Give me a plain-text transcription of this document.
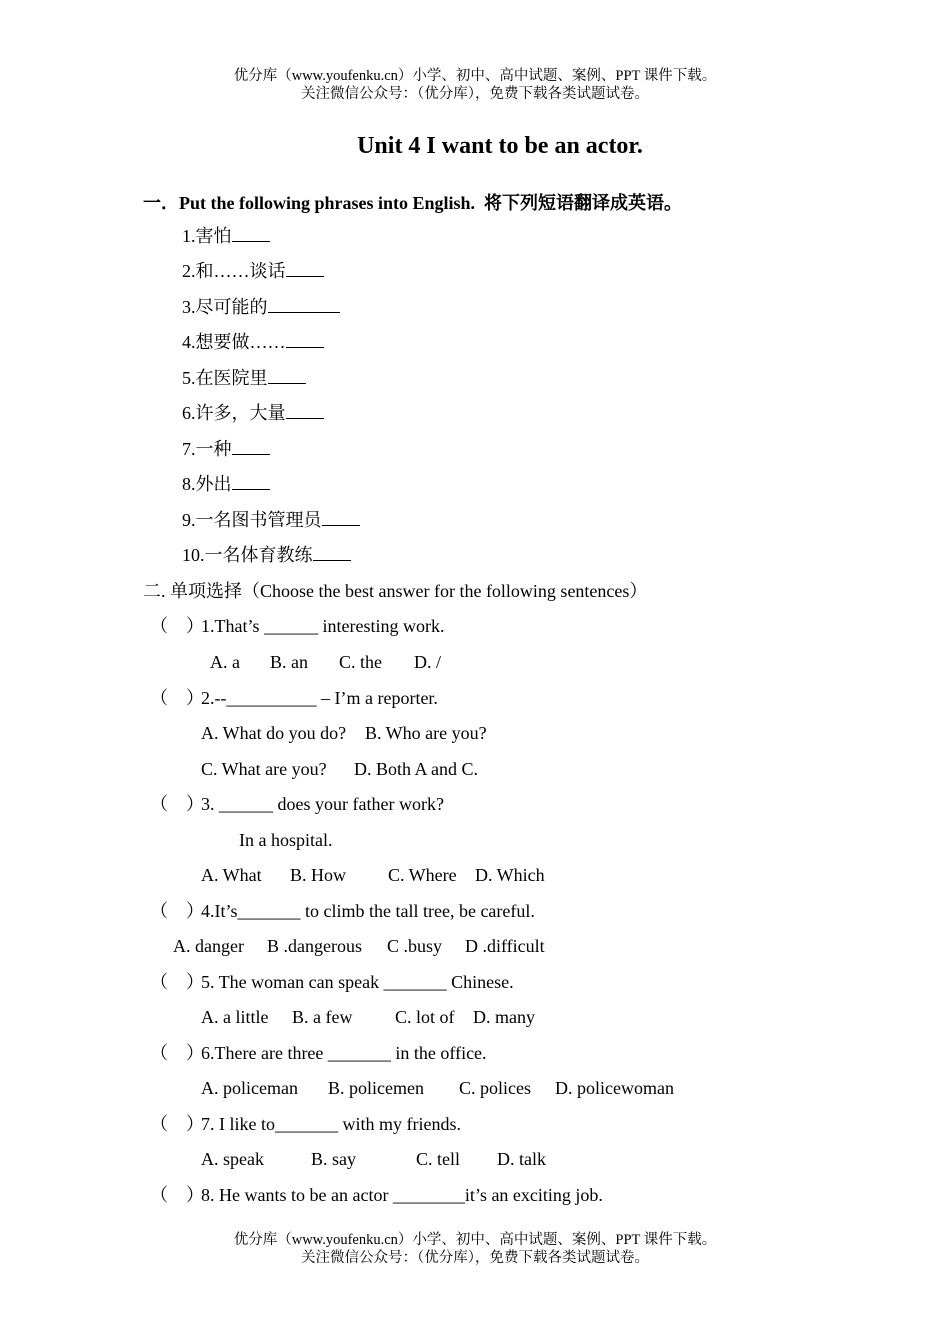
优分库（www.youfenku.cn）小学、初中、高中试题、案例、PPT 课件下载。
关注微信公众号：（优分库），免费下载各类试题试卷。
Unit 4 I want to be an actor.
一．Put the following phrases into English.  将下列短语翻译成英语。
1.害怕
2.和……谈话
3.尽可能的
4.想要做……
5.在医院里
6.许多，大量
7.一种
8.外出
9.一名图书管理员
10.一名体育教练
二. 单项选择（Choose the best answer for the following sentences）
（    ）
1.That’s ______ interesting work.
A. a B. an C. the D. /
（    ）
2.--__________ – I’m a reporter.
A. What do you do? B. Who are you?
C. What are you? D. Both A and C.
（    ）
3. ______ does your father work?
In a hospital.
A. What B. How C. Where D. Which
（    ）
4.It’s_______ to climb the tall tree, be careful.
A. danger B .dangerous C .busy D .difficult
（    ）
5. The woman can speak _______ Chinese.
A. a little B. a few C. lot of D. many
（    ）
6.There are three _______ in the office.
A. policeman B. policemen C. polices D. policewoman
（    ）
7. I like to_______ with my friends.
A. speak	B. say	C. tell D. talk
（    ）
8. He wants to be an actor ________it’s an exciting job.
优分库（www.youfenku.cn）小学、初中、高中试题、案例、PPT 课件下载。
关注微信公众号：（优分库），免费下载各类试题试卷。
